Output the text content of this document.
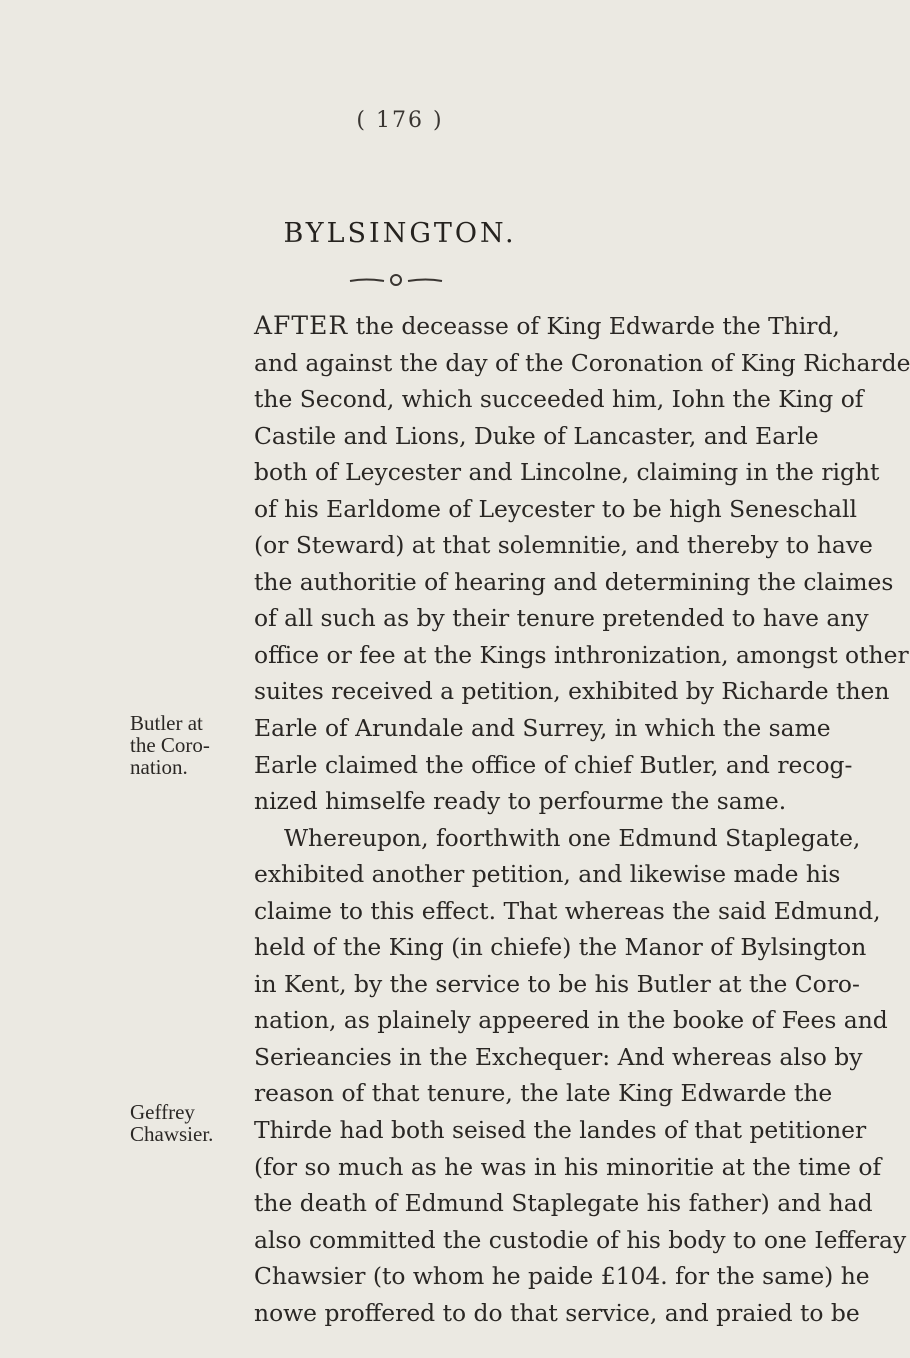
( 176 )
BYLSINGTON.
AFTER the deceasse of King Edwarde the Third,
and against the day of the Coronation of King Richarde
the Second, which succeeded him, Iohn the King of
Castile and Lions, Duke of Lancaster, and Earle
both of Leycester and Lincolne, claiming in the right
of his Earldome of Leycester to be high Seneschall
(or Steward) at that solemnitie, and thereby to have
the authoritie of hearing and determining the claimes
of all such as by their tenure pretended to have any
office or fee at the Kings inthronization, amongst other
suites received a petition, exhibited by Richarde then
Earle of Arundale and Surrey, in which the same
Earle claimed the office of chief Butler, and recog-
nized himselfe ready to perfourme the same.
Whereupon, foorthwith one Edmund Staplegate,
exhibited another petition, and likewise made his
claime to this effect. That whereas the said Edmund,
held of the King (in chiefe) the Manor of Bylsington
in Kent, by the service to be his Butler at the Coro-
nation, as plainely appeered in the booke of Fees and
Serieancies in the Exchequer: And whereas also by
reason of that tenure, the late King Edwarde the
Thirde had both seised the landes of that petitioner
(for so much as he was in his minoritie at the time of
the death of Edmund Staplegate his father) and had
also committed the custodie of his body to one Iefferay
Chawsier (to whom he paide £104. for the same) he
nowe proffered to do that service, and praied to be
Butler at
the Coro-
nation.
Geffrey
Chawsier.
